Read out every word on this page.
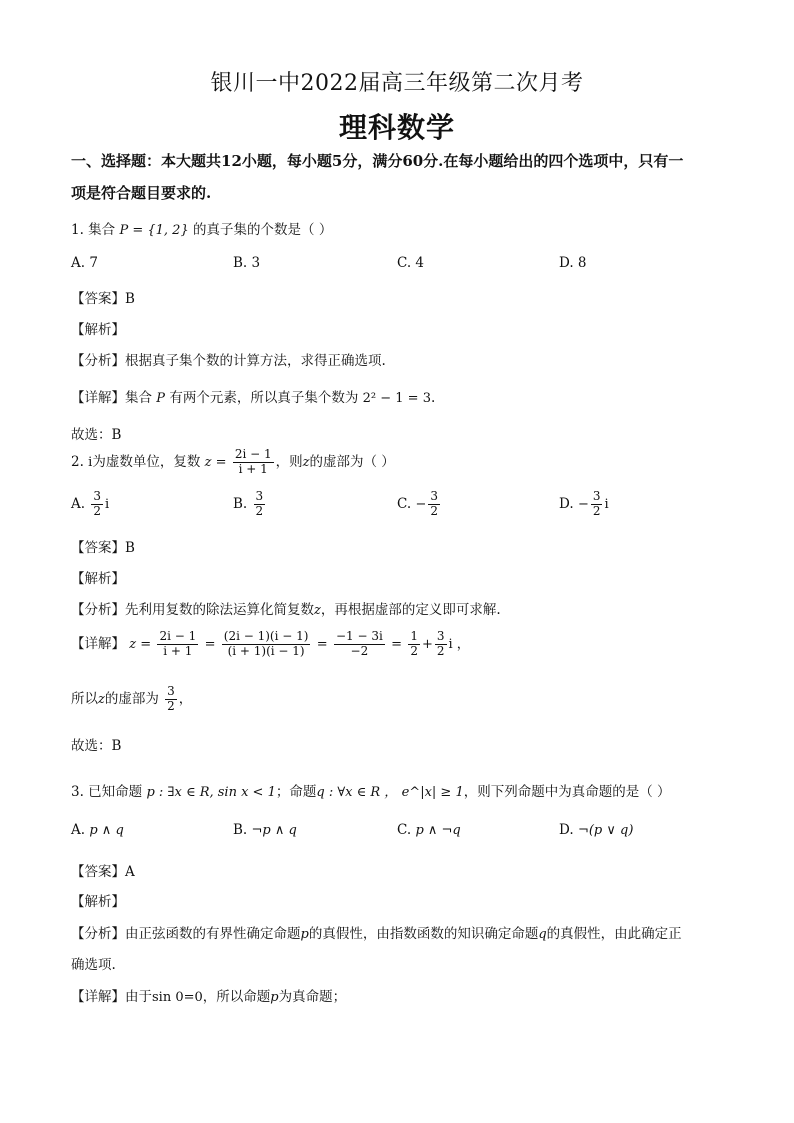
银川一中2022届高三年级第二次月考
理科数学
一、选择题：本大题共12小题，每小题5分，满分60分.在每小题给出的四个选项中，只有一
项是符合题目要求的.
1. 集合 P = {1, 2} 的真子集的个数是（ ）
A. 7	B. 3	C. 4	D. 8
【答案】B
【解析】
【分析】根据真子集个数的计算方法，求得正确选项.
【详解】集合 P 有两个元素，所以真子集个数为 2² − 1 = 3.
故选：B
2. i为虚数单位，复数 $z = \frac{2i - 1}{i + 1}$ ，则z的虚部为（ ）
A. $\frac{3}{2}$ i	B. $\frac{3}{2}$	C. − $\frac{3}{2}$	D. − $\frac{3}{2}$ i
【答案】B
【解析】
【分析】先利用复数的除法运算化简复数z，再根据虚部的定义即可求解.
【详解】 $z = \frac{2i - 1}{i + 1} = \frac{(2i - 1)(i - 1)}{(i + 1)(i - 1)} = \frac{-1 - 3i}{-2} = \frac{1}{2} + \frac{3}{2}$ i ，
所以z的虚部为 $\frac{3}{2}$ ，
故选：B
3. 已知命题 p : ∃x ∈ R, sin x < 1；命题q : ∀x ∈ R ， e^|x| ≥ 1，则下列命题中为真命题的是（ ）
A. p ∧ q	B. ¬p ∧ q	C. p ∧ ¬q	D. ¬(p ∨ q)
【答案】A
【解析】
【分析】由正弦函数的有界性确定命题p的真假性，由指数函数的知识确定命题q的真假性，由此确定正
确选项.
【详解】由于sin 0=0，所以命题p为真命题；
